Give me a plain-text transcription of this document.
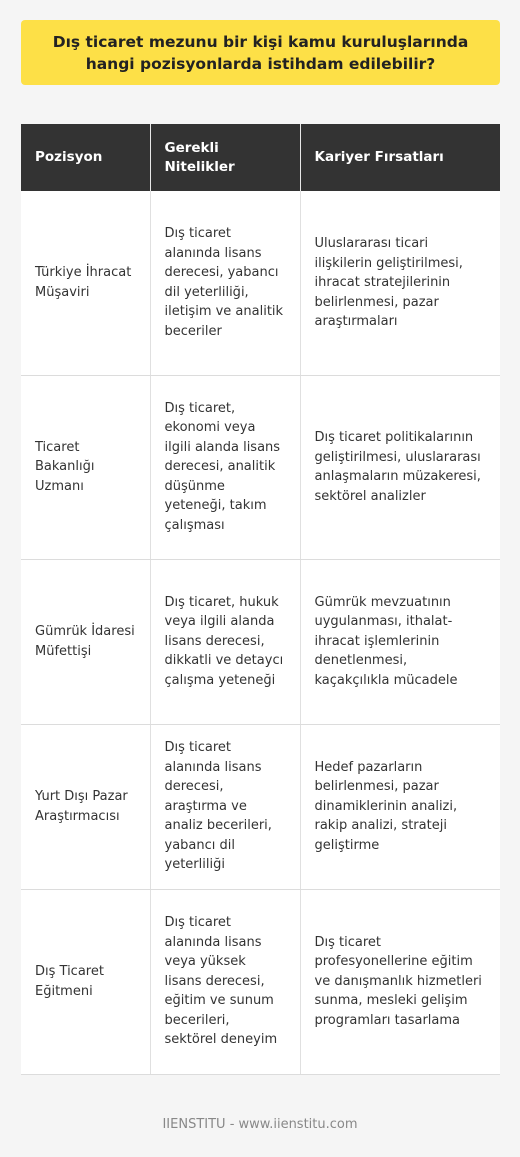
Dış ticaret mezunu bir kişi kamu kuruluşlarında hangi pozisyonlarda istihdam edilebilir?
Pozisyon	Gerekli Nitelikler	Kariyer Fırsatları
Türkiye İhracat Müşaviri	Dış ticaret alanında lisans derecesi, yabancı dil yeterliliği, iletişim ve analitik beceriler	Uluslararası ticari ilişkilerin geliştirilmesi, ihracat stratejilerinin belirlenmesi, pazar araştırmaları
Ticaret Bakanlığı Uzmanı	Dış ticaret, ekonomi veya ilgili alanda lisans derecesi, analitik düşünme yeteneği, takım çalışması	Dış ticaret politikalarının geliştirilmesi, uluslararası anlaşmaların müzakeresi, sektörel analizler
Gümrük İdaresi Müfettişi	Dış ticaret, hukuk veya ilgili alanda lisans derecesi, dikkatli ve detaycı çalışma yeteneği	Gümrük mevzuatının uygulanması, ithalat-ihracat işlemlerinin denetlenmesi, kaçakçılıkla mücadele
Yurt Dışı Pazar Araştırmacısı	Dış ticaret alanında lisans derecesi, araştırma ve analiz becerileri, yabancı dil yeterliliği	Hedef pazarların belirlenmesi, pazar dinamiklerinin analizi, rakip analizi, strateji geliştirme
Dış Ticaret Eğitmeni	Dış ticaret alanında lisans veya yüksek lisans derecesi, eğitim ve sunum becerileri, sektörel deneyim	Dış ticaret profesyonellerine eğitim ve danışmanlık hizmetleri sunma, mesleki gelişim programları tasarlama
IIENSTITU - www.iienstitu.com
